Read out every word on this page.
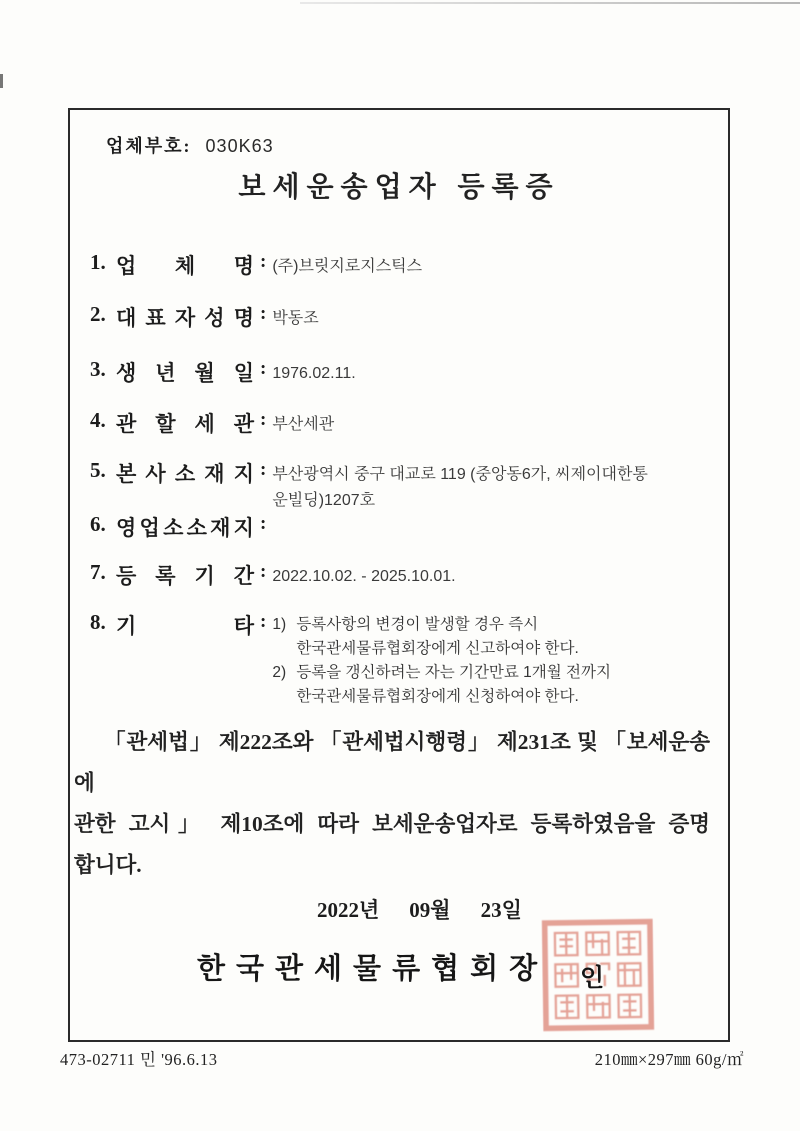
업체부호: 030K63
보세운송업자 등록증
1. 업 체 명 : (주)브릿지로지스틱스
2. 대 표 자 성 명 : 박동조
3. 생 년 월 일 : 1976.02.11.
4. 관 할 세 관 : 부산세관
5. 본 사 소 재 지 : 부산광역시 중구 대교로 119 (중앙동6가, 씨제이대한통
운빌딩)1207호
6. 영 업 소 소 재 지 :
7. 등 록 기 간 : 2022.10.02. - 2025.10.01.
8. 기	타 : 1) 등록사항의 변경이 발생할 경우 즉시
한국관세물류협회장에게 신고하여야 한다.
2) 등록을 갱신하려는 자는 기간만료 1개월 전까지
한국관세물류협회장에게 신청하여야 한다.
「관세법」 제222조와 「관세법시행령」 제231조 및 「보세운송에
관한 고시」 제10조에 따라 보세운송업자로 등록하였음을 증명
합니다.
2022년 09월 23일
한국관세물류협회장 인
473-02711 민 '96.6.13	210㎜×297㎜ 60g/㎡
